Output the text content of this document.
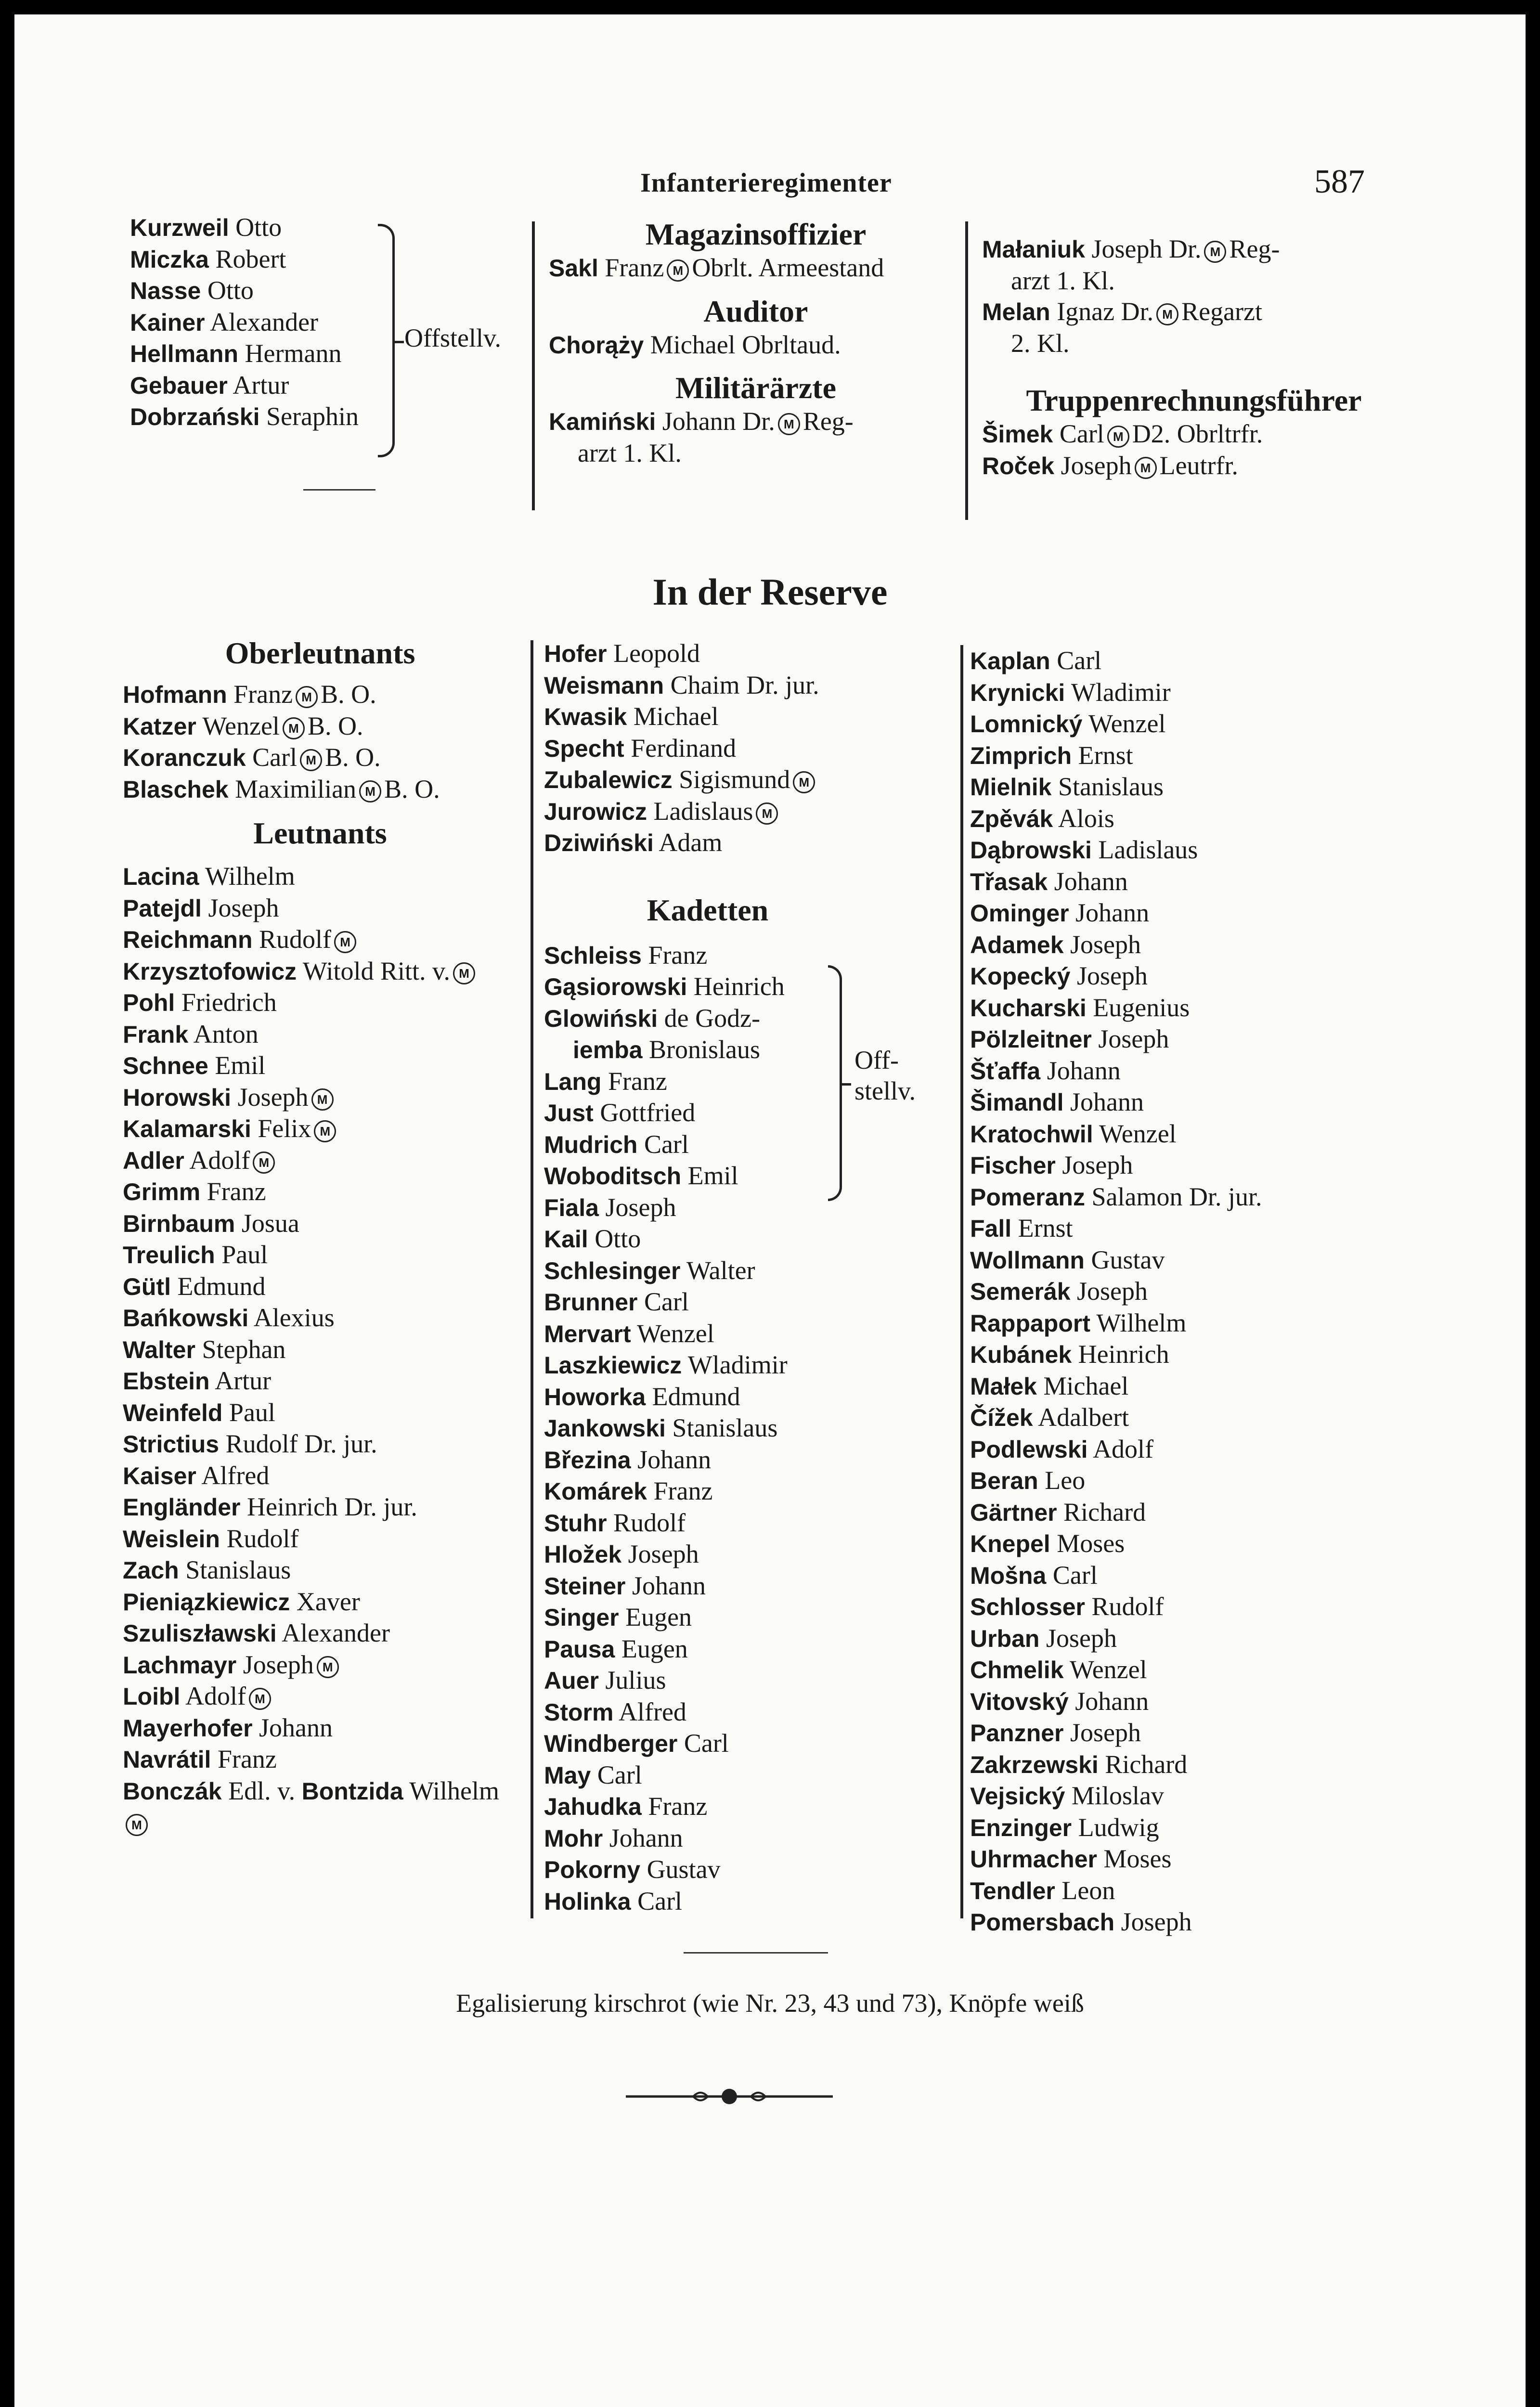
Infanterieregimenter	587
Kurzweil Otto
Miczka Robert
Nasse Otto
Kainer Alexander
Hellmann Hermann
Gebauer Artur
Dobrzański Seraphin
Offstellv.
Magazinsoffizier
Sakl Franz M Obrlt. Armeestand
Auditor
Chorąży Michael Obrltaud.
Militärärzte
Kamiński Johann Dr. M Reg-
arzt 1. Kl.
Małaniuk Joseph Dr. M Reg-
arzt 1. Kl.
Melan Ignaz Dr. M Regarzt
2. Kl.
Truppenrechnungsführer
Šimek Carl M D2. Obrltrfr.
Roček Joseph M Leutrfr.
In der Reserve
Oberleutnants
Hofmann Franz M B. O.
Katzer Wenzel M B. O.
Koranczuk Carl M B. O.
Blaschek Maximilian M B. O.
Leutnants
Lacina Wilhelm
Patejdl Joseph
Reichmann Rudolf M
Krzysztofowicz Witold Ritt. v. M
Pohl Friedrich
Frank Anton
Schnee Emil
Horowski Joseph M
Kalamarski Felix M
Adler Adolf M
Grimm Franz
Birnbaum Josua
Treulich Paul
Gütl Edmund
Bańkowski Alexius
Walter Stephan
Ebstein Artur
Weinfeld Paul
Strictius Rudolf Dr. jur.
Kaiser Alfred
Engländer Heinrich Dr. jur.
Weislein Rudolf
Zach Stanislaus
Pieniązkiewicz Xaver
Szuliszławski Alexander
Lachmayr Joseph M
Loibl Adolf M
Mayerhofer Johann
Navrátil Franz
Bonczák Edl. v. Bontzida WilhelmM
Hofer Leopold
Weismann Chaim Dr. jur.
Kwasik Michael
Specht Ferdinand
Zubalewicz Sigismund M
Jurowicz Ladislaus M
Dziwiński Adam
Kadetten
Schleiss Franz
Gąsiorowski Heinrich
Glowiński de Godz-
iemba Bronislaus
Lang Franz
Just Gottfried
Mudrich Carl
Woboditsch Emil
Fiala Joseph
Kail Otto
Schlesinger Walter
Brunner Carl
Mervart Wenzel
Laszkiewicz Wladimir
Howorka Edmund
Jankowski Stanislaus
Březina Johann
Komárek Franz
Stuhr Rudolf
Hložek Joseph
Steiner Johann
Singer Eugen
Pausa Eugen
Auer Julius
Storm Alfred
Windberger Carl
May Carl
Jahudka Franz
Mohr Johann
Pokorny Gustav
Holinka Carl
Off-
stellv.
Kaplan Carl
Krynicki Wladimir
Lomnický Wenzel
Zimprich Ernst
Mielnik Stanislaus
Zpěvák Alois
Dąbrowski Ladislaus
Třasak Johann
Ominger Johann
Adamek Joseph
Kopecký Joseph
Kucharski Eugenius
Pölzleitner Joseph
Šťaffa Johann
Šimandl Johann
Kratochwil Wenzel
Fischer Joseph
Pomeranz Salamon Dr. jur.
Fall Ernst
Wollmann Gustav
Semerák Joseph
Rappaport Wilhelm
Kubánek Heinrich
Małek Michael
Čížek Adalbert
Podlewski Adolf
Beran Leo
Gärtner Richard
Knepel Moses
Mošna Carl
Schlosser Rudolf
Urban Joseph
Chmelik Wenzel
Vitovský Johann
Panzner Joseph
Zakrzewski Richard
Vejsický Miloslav
Enzinger Ludwig
Uhrmacher Moses
Tendler Leon
Pomersbach Joseph
Egalisierung kirschrot (wie Nr. 23, 43 und 73), Knöpfe weiß
